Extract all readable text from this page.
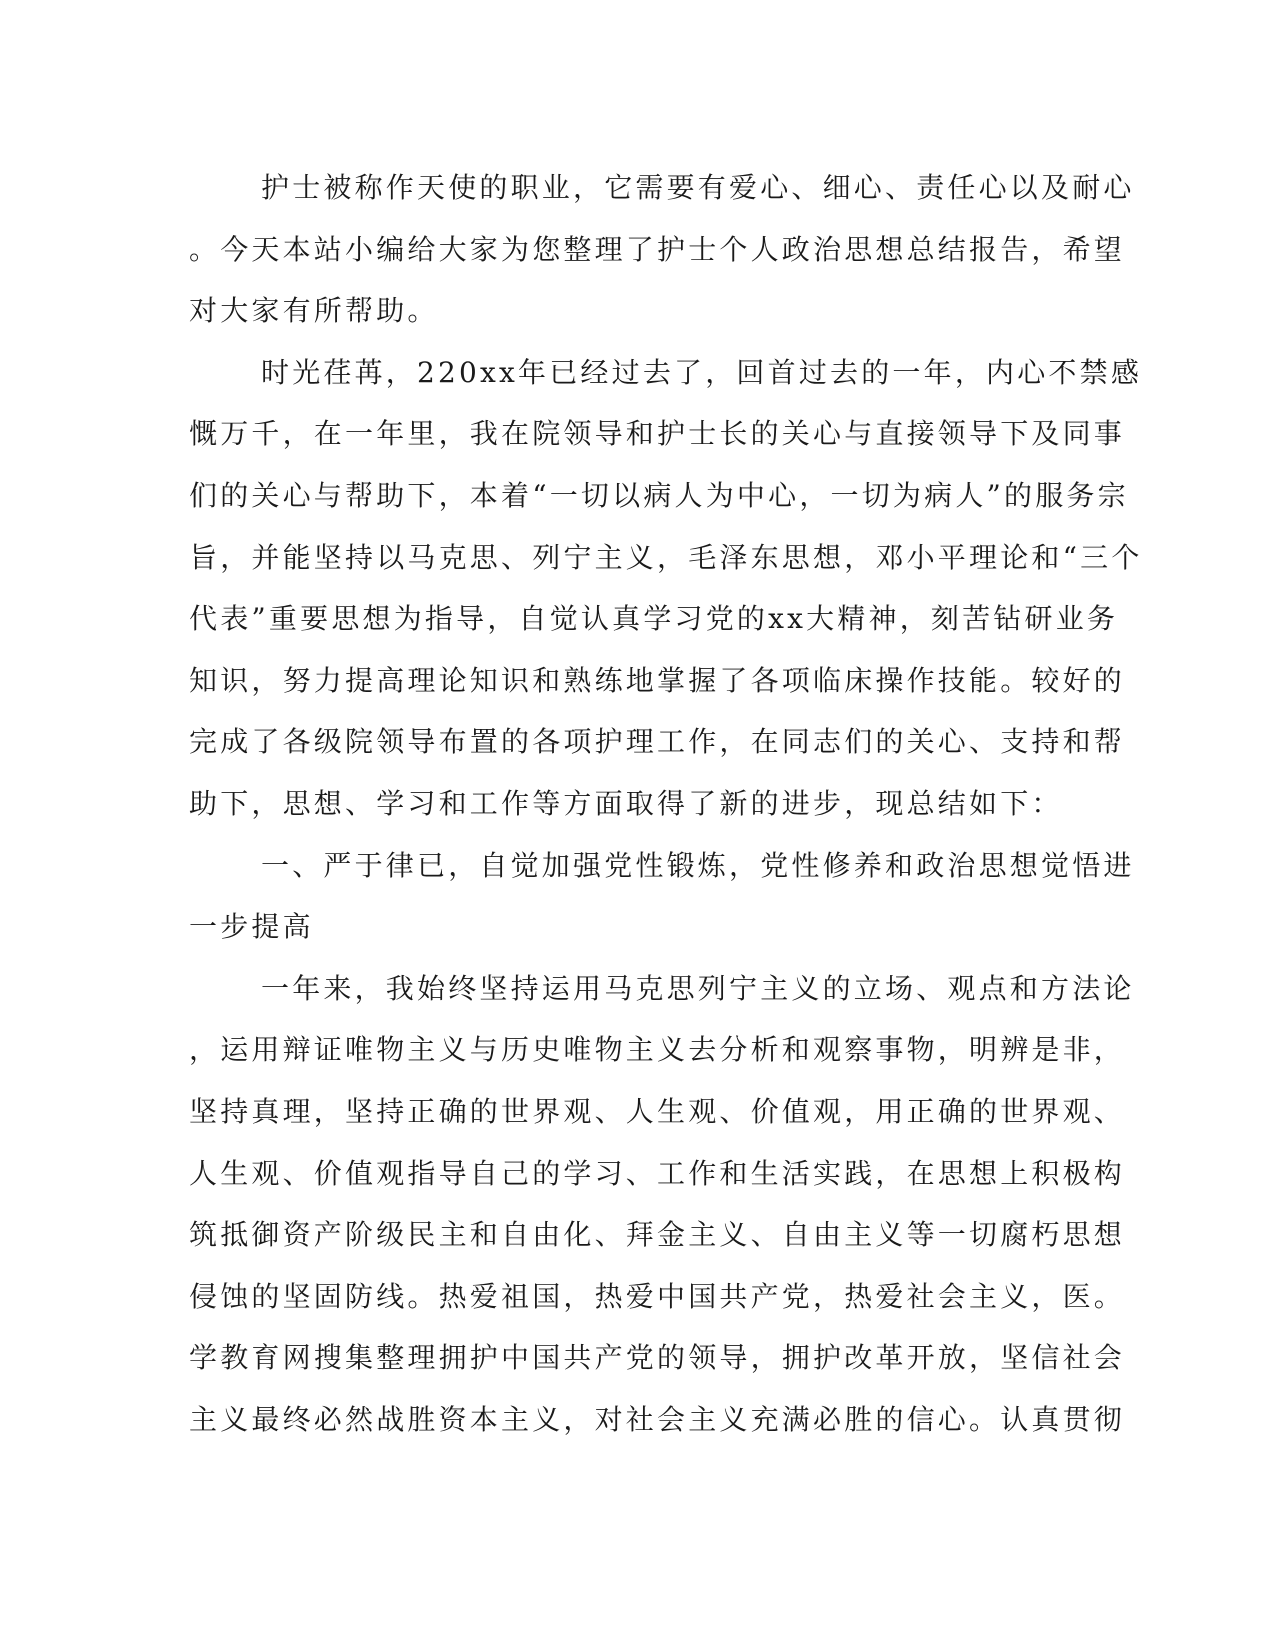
护士被称作天使的职业，它需要有爱心、细心、责任心以及耐心
。今天本站小编给大家为您整理了护士个人政治思想总结报告，希望
对大家有所帮助。
时光荏苒，220xx年已经过去了，回首过去的一年，内心不禁感
慨万千，在一年里，我在院领导和护士长的关心与直接领导下及同事
们的关心与帮助下，本着“一切以病人为中心，一切为病人”的服务宗
旨，并能坚持以马克思、列宁主义，毛泽东思想，邓小平理论和“三个
代表”重要思想为指导，自觉认真学习党的xx大精神，刻苦钻研业务
知识，努力提高理论知识和熟练地掌握了各项临床操作技能。较好的
完成了各级院领导布置的各项护理工作，在同志们的关心、支持和帮
助下，思想、学习和工作等方面取得了新的进步，现总结如下：
一、严于律已，自觉加强党性锻炼，党性修养和政治思想觉悟进
一步提高
一年来，我始终坚持运用马克思列宁主义的立场、观点和方法论
，运用辩证唯物主义与历史唯物主义去分析和观察事物，明辨是非，
坚持真理，坚持正确的世界观、人生观、价值观，用正确的世界观、
人生观、价值观指导自己的学习、工作和生活实践，在思想上积极构
筑抵御资产阶级民主和自由化、拜金主义、自由主义等一切腐朽思想
侵蚀的坚固防线。热爱祖国，热爱中国共产党，热爱社会主义，医。
学教育网搜集整理拥护中国共产党的领导，拥护改革开放，坚信社会
主义最终必然战胜资本主义，对社会主义充满必胜的信心。认真贯彻
